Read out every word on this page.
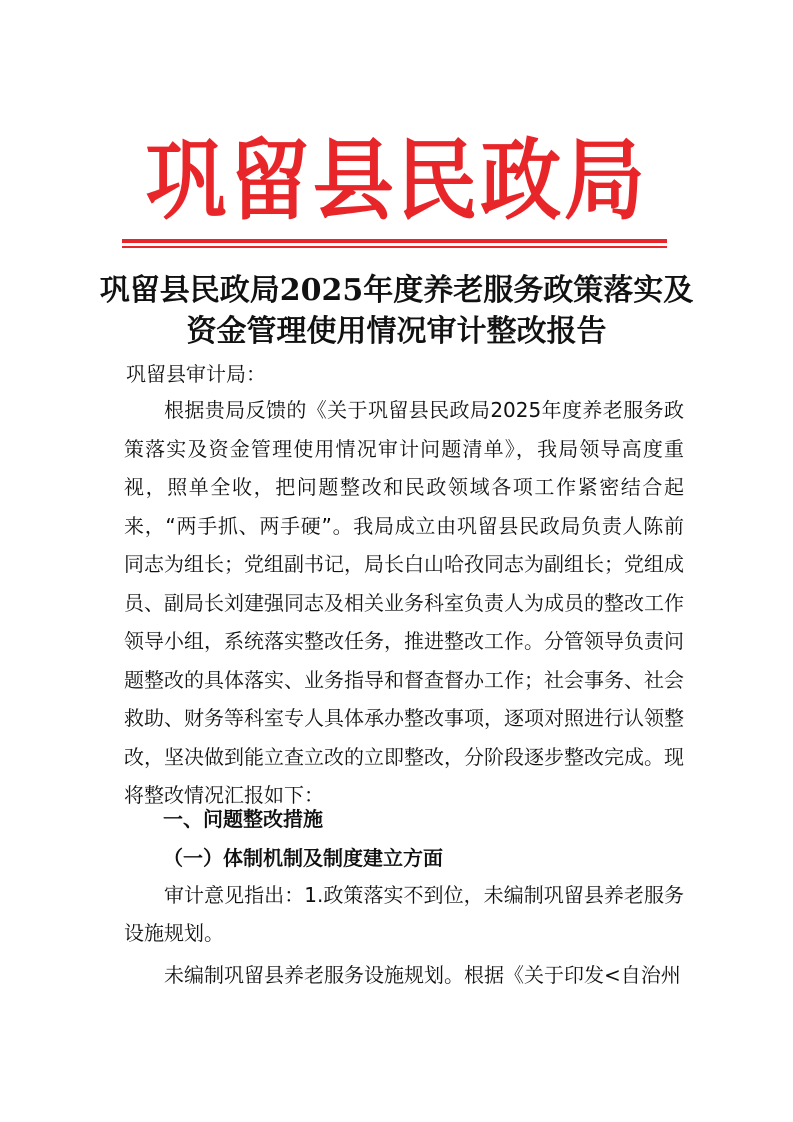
巩留县民政局
巩留县民政局2025年度养老服务政策落实及
资金管理使用情况审计整改报告
巩留县审计局：

根据贵局反馈的《关于巩留县民政局2025年度养老服务政策落实及资金管理使用情况审计问题清单》，我局领导高度重视，照单全收，把问题整改和民政领域各项工作紧密结合起来，“两手抓、两手硬”。我局成立由巩留县民政局负责人陈前同志为组长；党组副书记，局长白山哈孜同志为副组长；党组成员、副局长刘建强同志及相关业务科室负责人为成员的整改工作领导小组，系统落实整改任务，推进整改工作。分管领导负责问题整改的具体落实、业务指导和督查督办工作；社会事务、社会救助、财务等科室专人具体承办整改事项，逐项对照进行认领整改，坚决做到能立查立改的立即整改，分阶段逐步整改完成。现将整改情况汇报如下：

一、问题整改措施
（一）体制机制及制度建立方面

审计意见指出：1.政策落实不到位，未编制巩留县养老服务设施规划。

未编制巩留县养老服务设施规划。根据《关于印发<自治州
